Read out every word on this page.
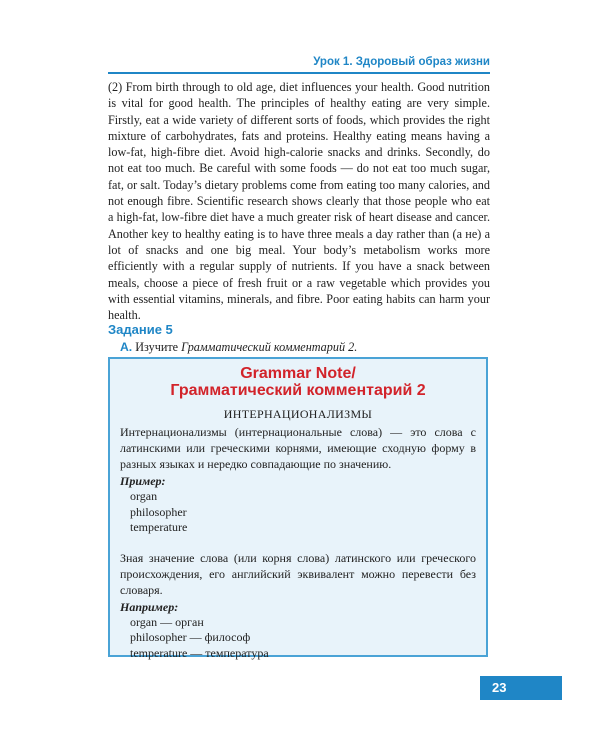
Урок 1. Здоровый образ жизни

(2) From birth through to old age, diet influences your health. Good nutrition is vital for good health. The principles of healthy eating are very simple. Firstly, eat a wide variety of different sorts of foods, which provides the right mixture of carbohydrates, fats and proteins. Healthy eating means having a low-fat, high-fibre diet. Avoid high-calorie snacks and drinks. Secondly, do not eat too much. Be careful with some foods — do not eat too much sugar, fat, or salt. Today’s dietary problems come from eating too many calories, and not enough fibre. Scientific research shows clearly that those people who eat a high-fat, low-fibre diet have a much greater risk of heart disease and cancer. Another key to healthy eating is to have three meals a day rather than (а не) a lot of snacks and one big meal. Your body’s metabolism works more efficiently with a regular supply of nutrients. If you have a snack between meals, choose a piece of fresh fruit or a raw vegetable which provides you with essential vitamins, minerals, and fibre. Poor eating habits can harm your health.

Задание 5
A. Изучите Грамматический комментарий 2.
Grammar Note/
Грамматический комментарий 2
ИНТЕРНАЦИОНАЛИЗМЫ
Интернационализмы (интернациональные слова) — это слова с латинскими или греческими корнями, имеющие сходную форму в разных языках и нередко совпадающие по значению.
Пример:
organ
philosopher
temperature
Зная значение слова (или корня слова) латинского или греческого происхождения, его английский эквивалент можно перевести без словаря.
Например:
organ — орган
philosopher — философ
temperature — температура
23
